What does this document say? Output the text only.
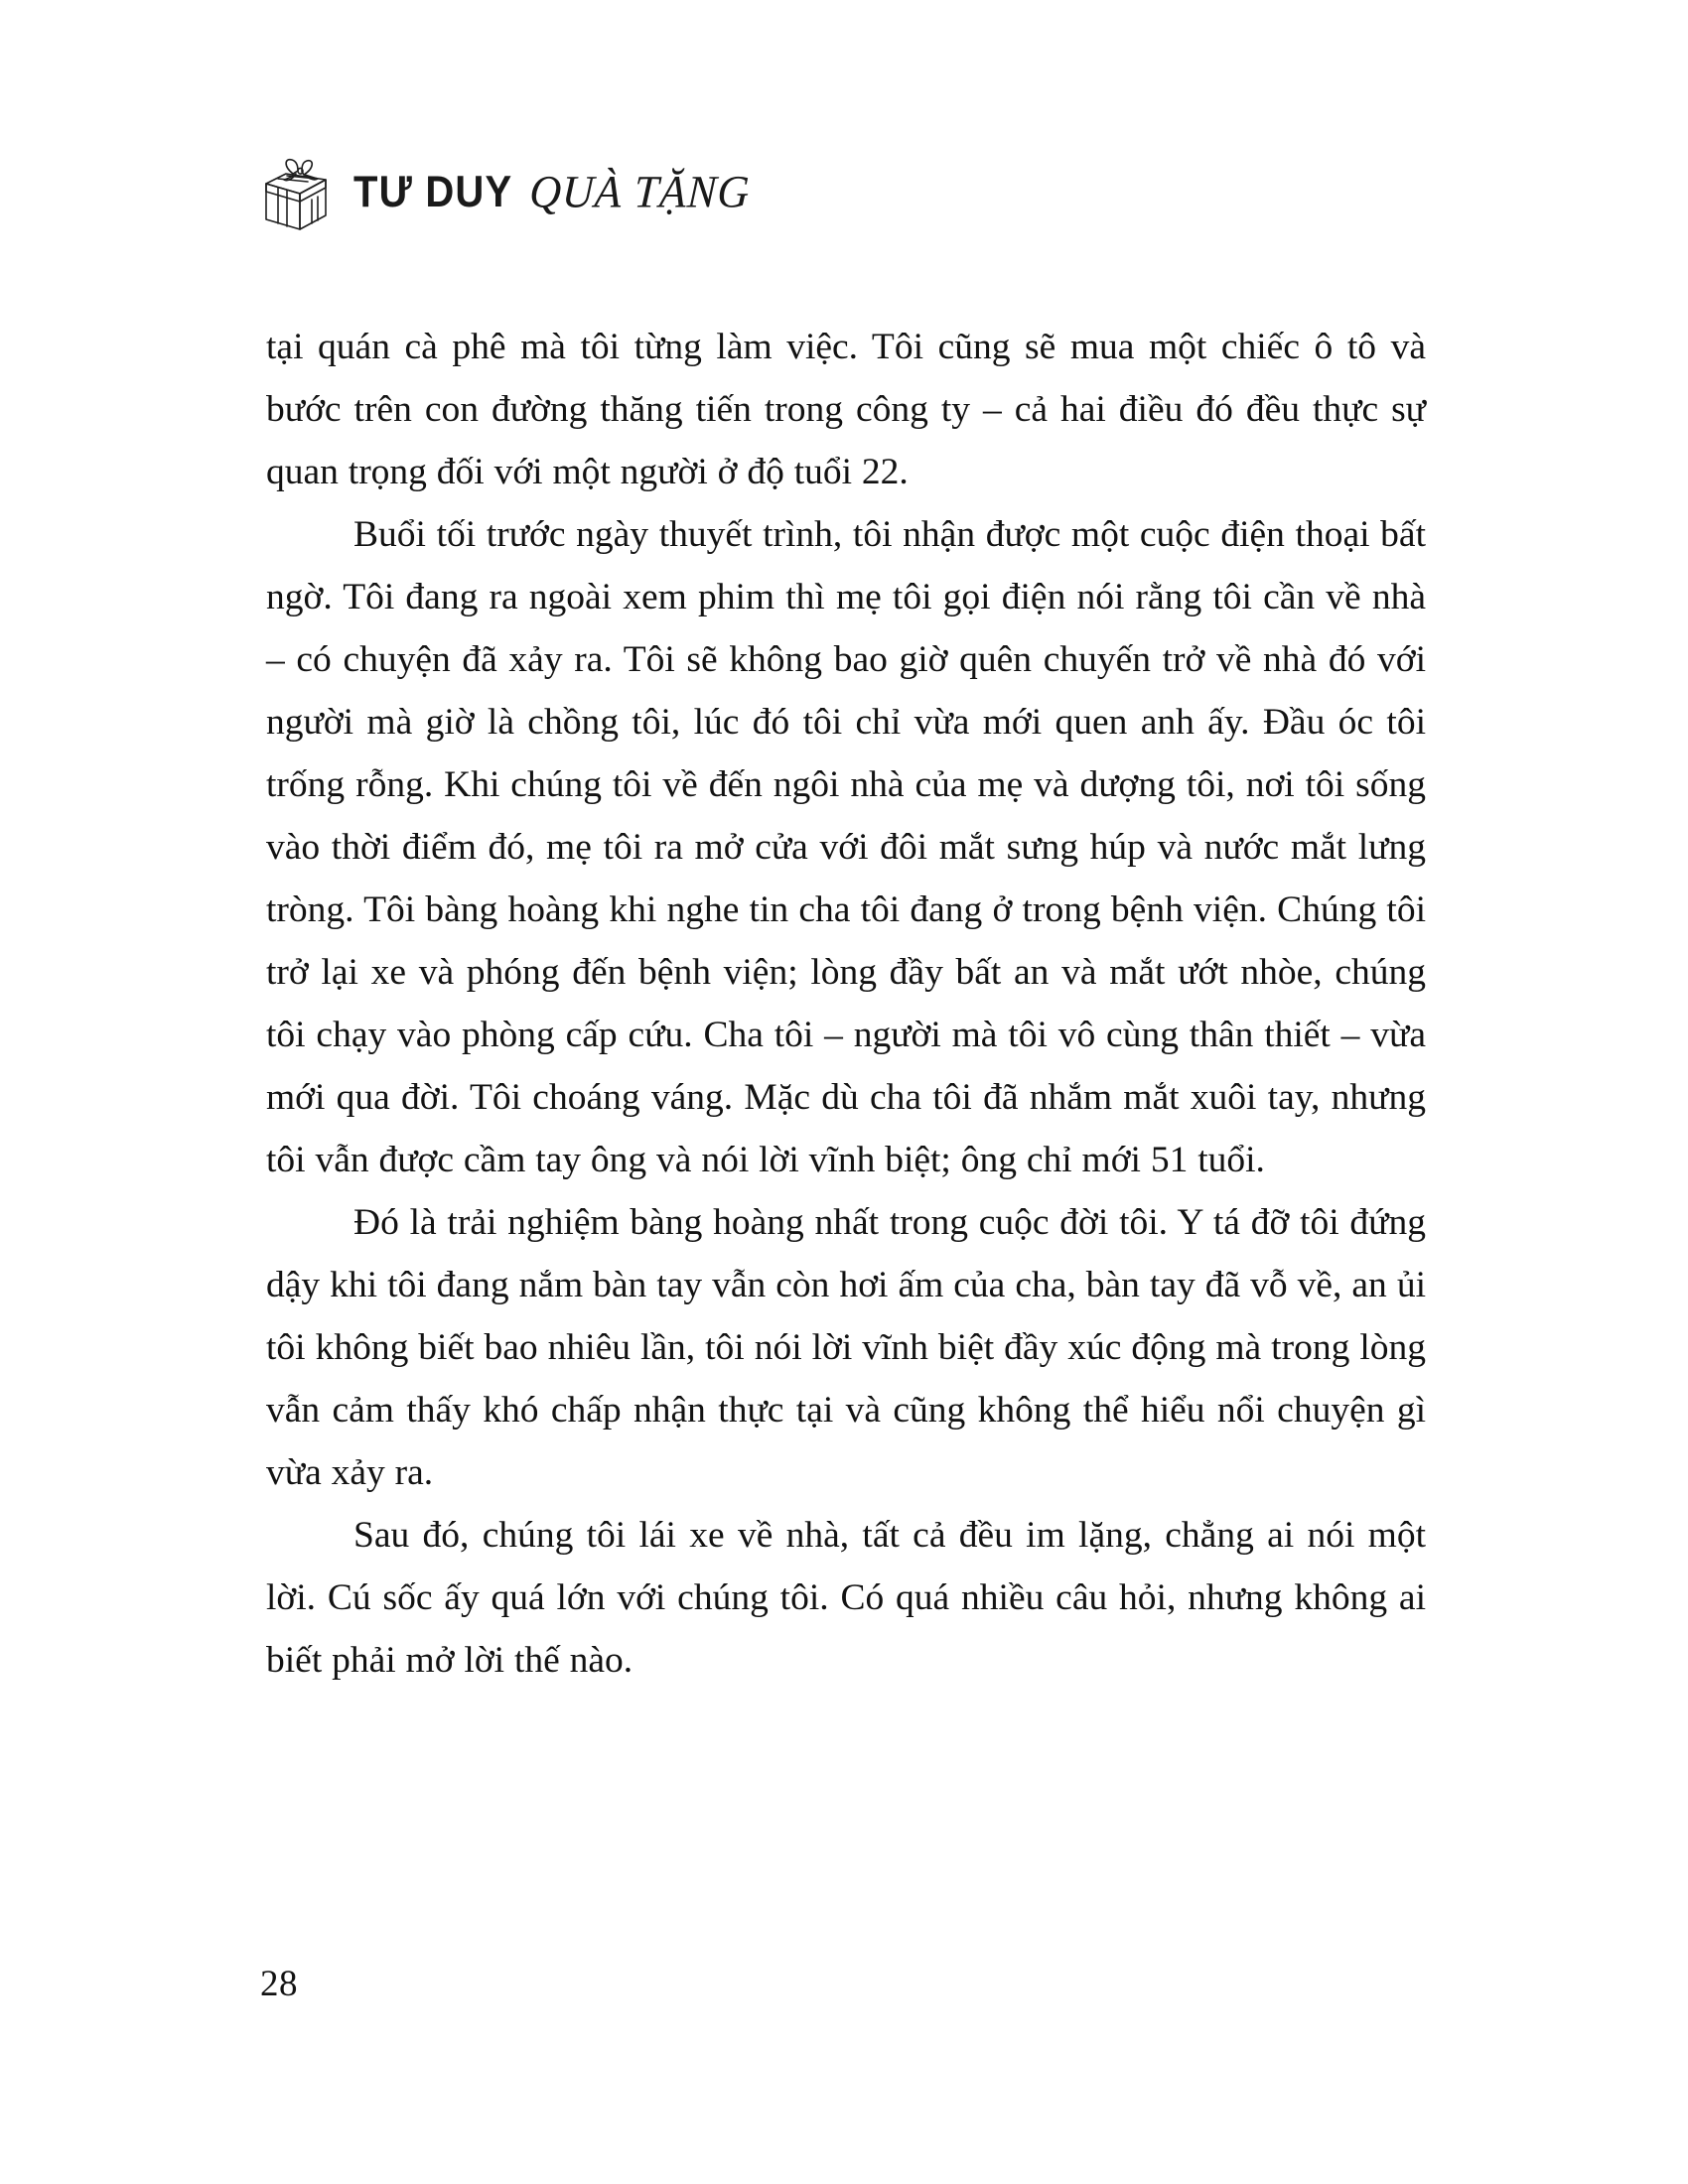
TƯ DUY QUÀ TẶNG

tại quán cà phê mà tôi từng làm việc. Tôi cũng sẽ mua một chiếc ô tô và bước trên con đường thăng tiến trong công ty – cả hai điều đó đều thực sự quan trọng đối với một người ở độ tuổi 22.

Buổi tối trước ngày thuyết trình, tôi nhận được một cuộc điện thoại bất ngờ. Tôi đang ra ngoài xem phim thì mẹ tôi gọi điện nói rằng tôi cần về nhà – có chuyện đã xảy ra. Tôi sẽ không bao giờ quên chuyến trở về nhà đó với người mà giờ là chồng tôi, lúc đó tôi chỉ vừa mới quen anh ấy. Đầu óc tôi trống rỗng. Khi chúng tôi về đến ngôi nhà của mẹ và dượng tôi, nơi tôi sống vào thời điểm đó, mẹ tôi ra mở cửa với đôi mắt sưng húp và nước mắt lưng tròng. Tôi bàng hoàng khi nghe tin cha tôi đang ở trong bệnh viện. Chúng tôi trở lại xe và phóng đến bệnh viện; lòng đầy bất an và mắt ướt nhòe, chúng tôi chạy vào phòng cấp cứu. Cha tôi – người mà tôi vô cùng thân thiết – vừa mới qua đời. Tôi choáng váng. Mặc dù cha tôi đã nhắm mắt xuôi tay, nhưng tôi vẫn được cầm tay ông và nói lời vĩnh biệt; ông chỉ mới 51 tuổi.

Đó là trải nghiệm bàng hoàng nhất trong cuộc đời tôi. Y tá đỡ tôi đứng dậy khi tôi đang nắm bàn tay vẫn còn hơi ấm của cha, bàn tay đã vỗ về, an ủi tôi không biết bao nhiêu lần, tôi nói lời vĩnh biệt đầy xúc động mà trong lòng vẫn cảm thấy khó chấp nhận thực tại và cũng không thể hiểu nổi chuyện gì vừa xảy ra.

Sau đó, chúng tôi lái xe về nhà, tất cả đều im lặng, chẳng ai nói một lời. Cú sốc ấy quá lớn với chúng tôi. Có quá nhiều câu hỏi, nhưng không ai biết phải mở lời thế nào.

28
